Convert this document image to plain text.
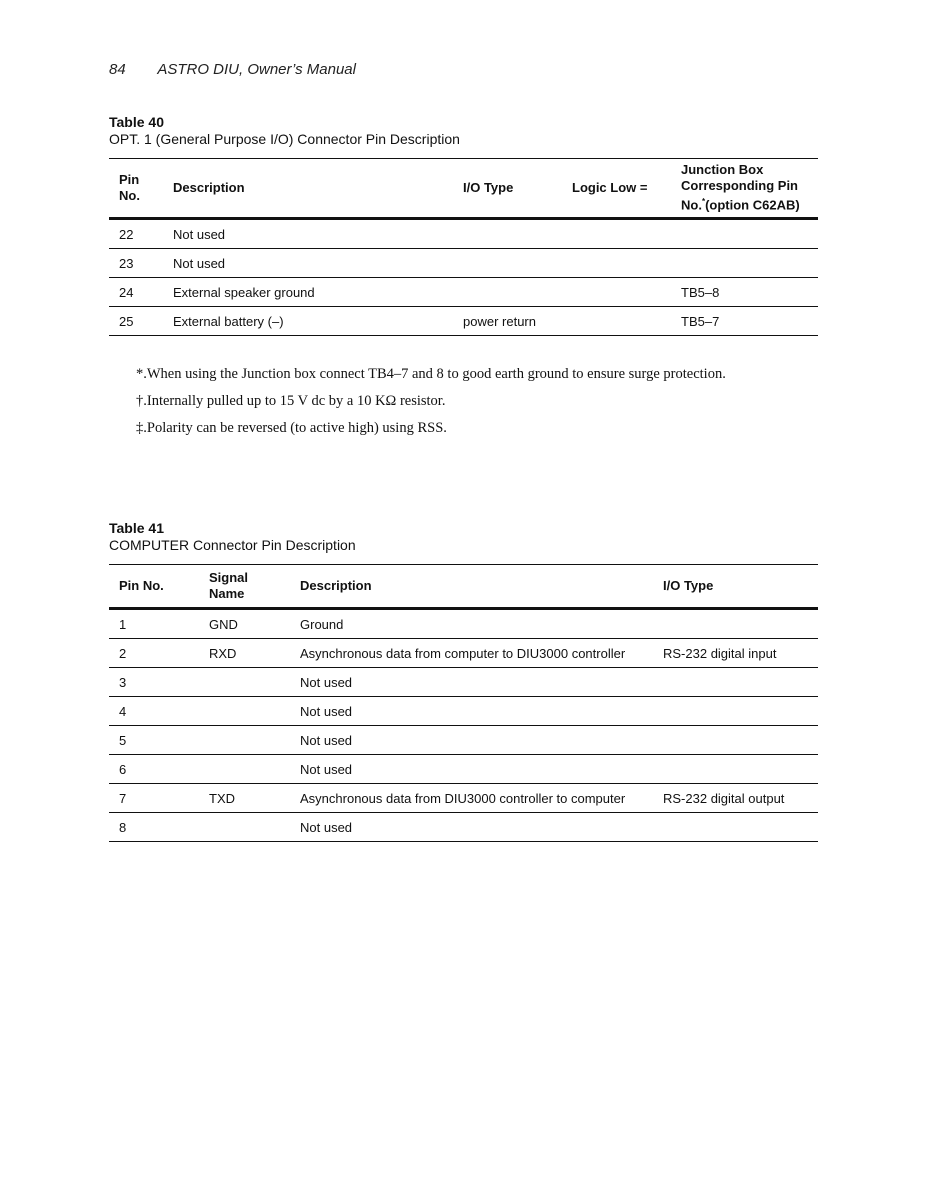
84 ASTRO DIU, Owner’s Manual
Table 40
OPT. 1 (General Purpose I/O) Connector Pin Description
Pin No.	Description	I/O Type	Logic Low =	Junction Box Corresponding Pin No.*(option C62AB)
22	Not used			
23	Not used			
24	External speaker ground			TB5–8
25	External battery (–)	power return		TB5–7
*.When using the Junction box connect TB4–7 and 8 to good earth ground to ensure surge protection.
†.Internally pulled up to 15 V dc by a 10 KΩ resistor.
‡.Polarity can be reversed (to active high) using RSS.
Table 41
COMPUTER Connector Pin Description
Pin No.	Signal Name	Description	I/O Type
1	GND	Ground	
2	RXD	Asynchronous data from computer to DIU3000 controller	RS-232 digital input
3		Not used	
4		Not used	
5		Not used	
6		Not used	
7	TXD	Asynchronous data from DIU3000 controller to computer	RS-232 digital output
8		Not used	
